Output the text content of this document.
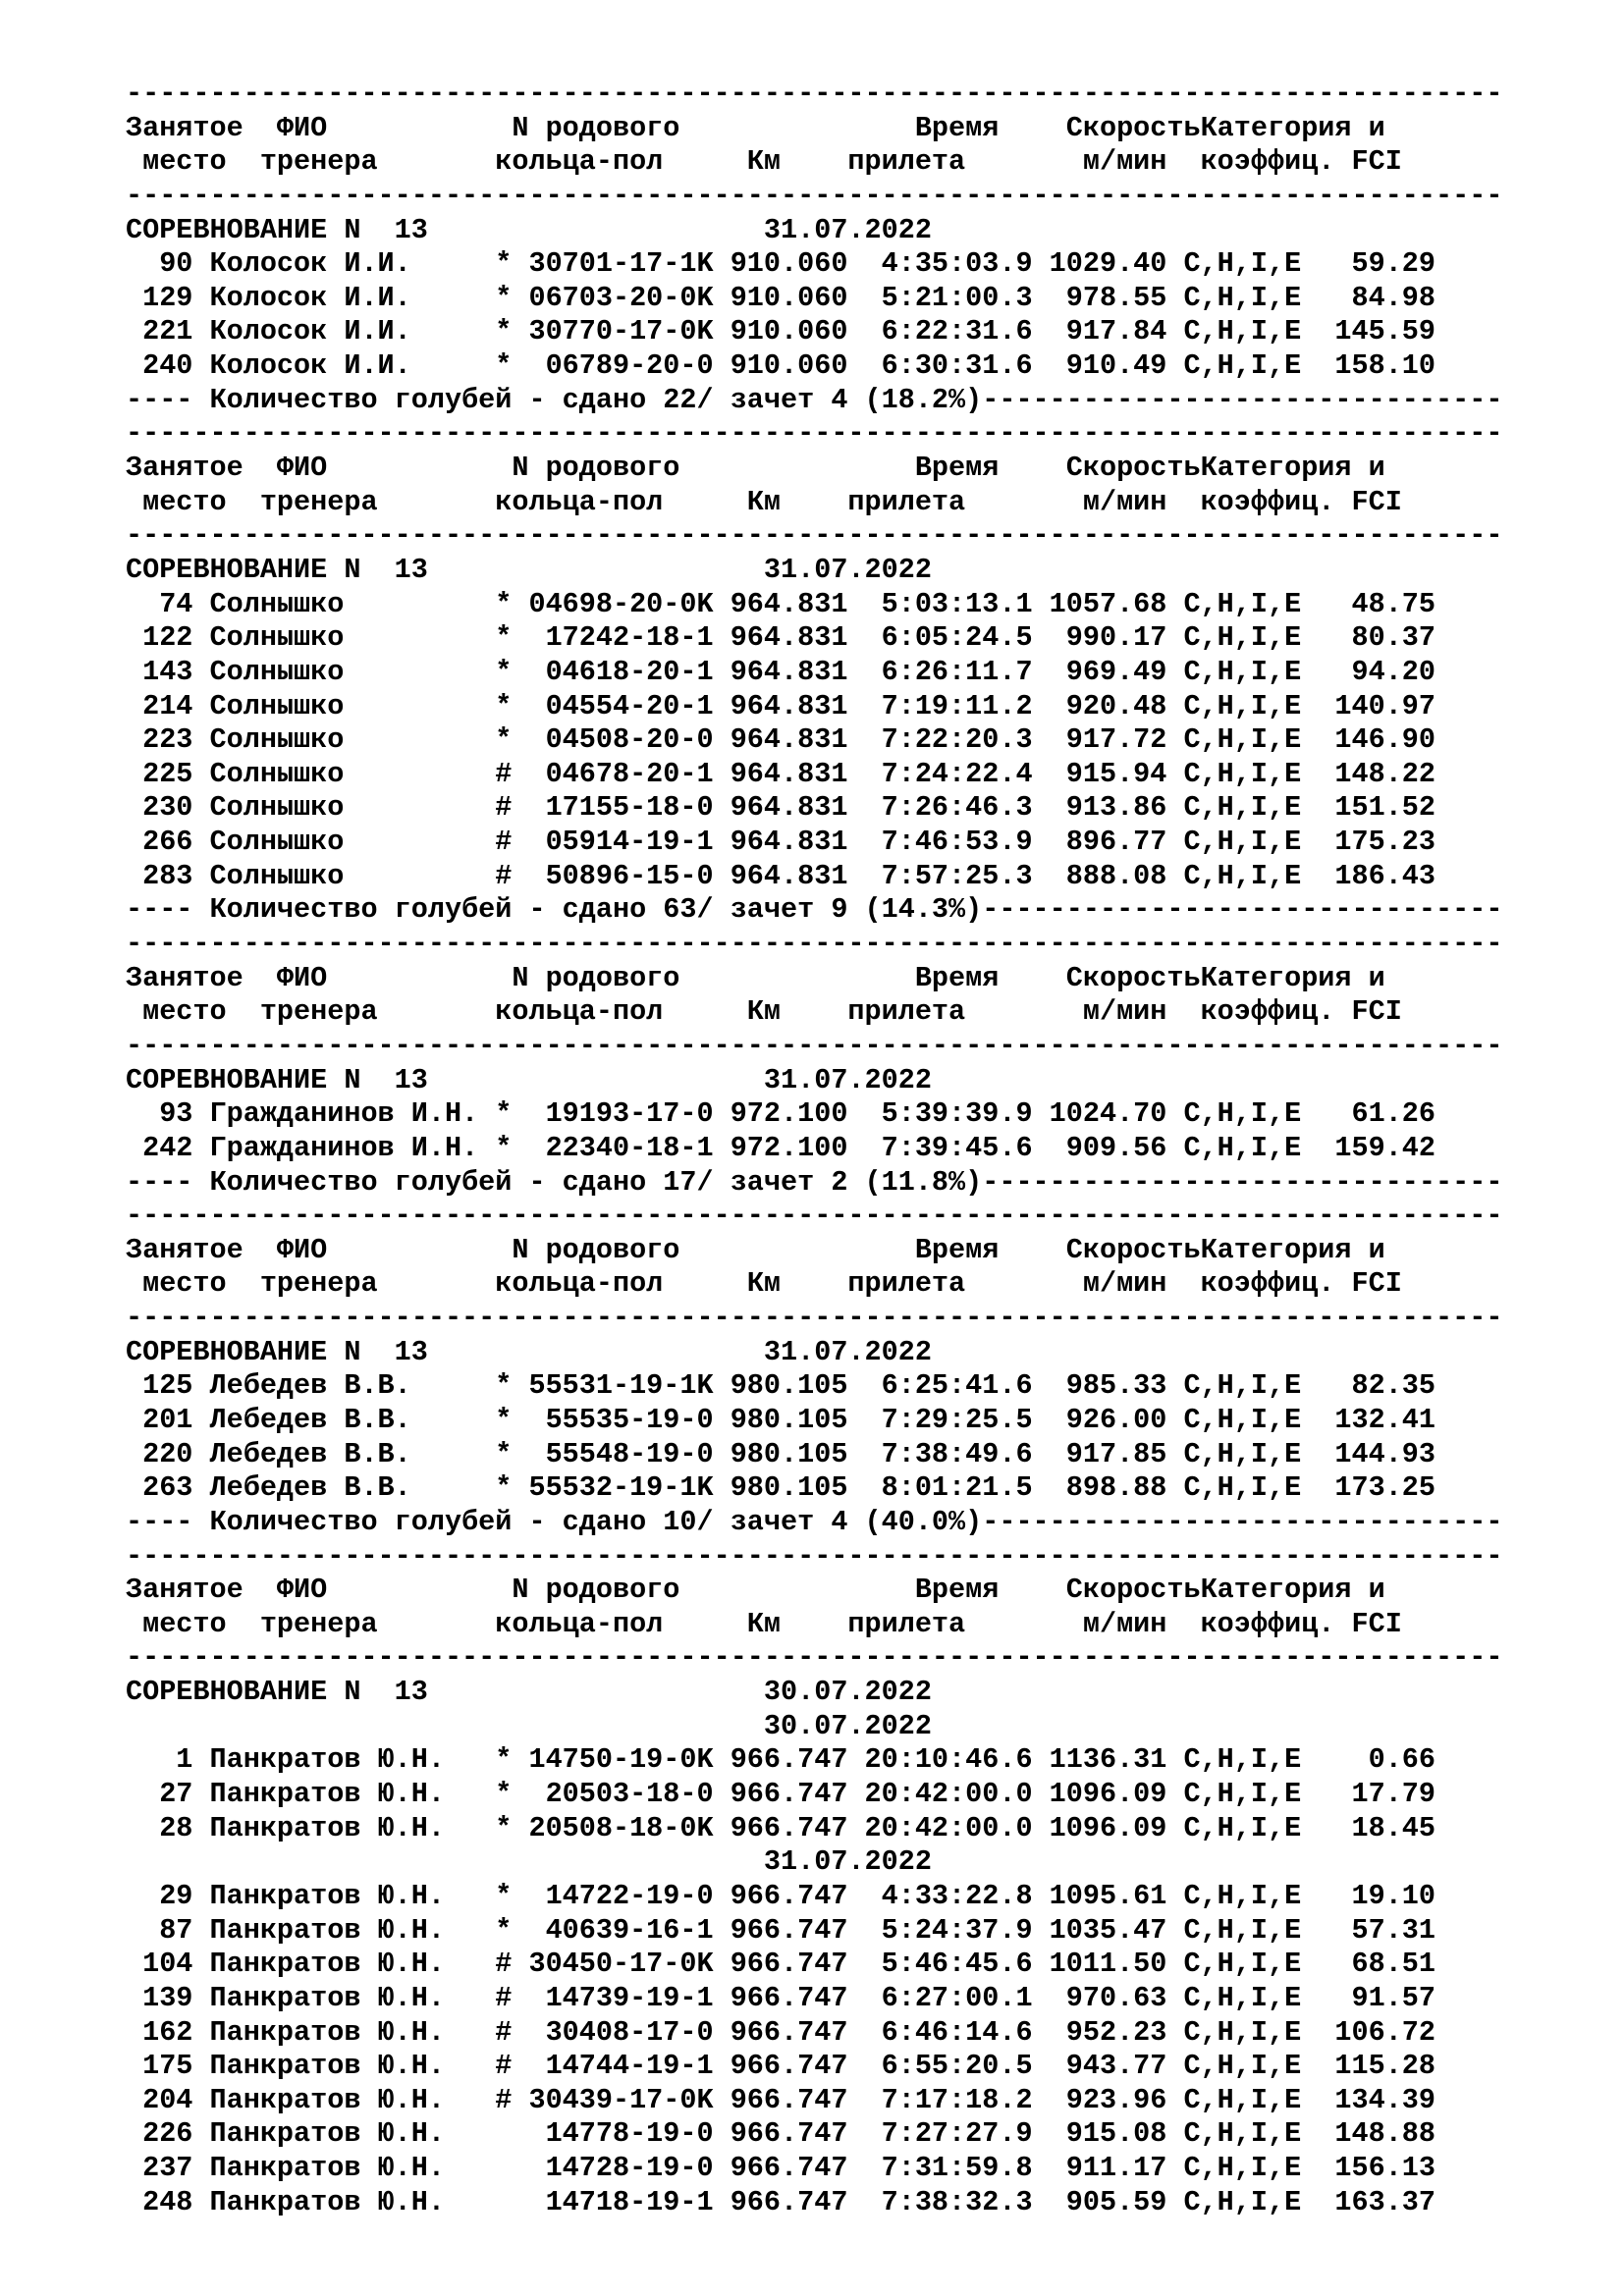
----------------------------------------------------------------------------------
Занятое  ФИО           N родового              Время    СкоростьКатегория и
место  тренера       кольца-пол     Км    прилета       м/мин  коэффиц. FCI
----------------------------------------------------------------------------------
СОРЕВНОВАНИЕ N  13                    31.07.2022
90 Колосок И.И.     * 30701-17-1K 910.060  4:35:03.9 1029.40 C,H,I,E   59.29
129 Колосок И.И.     * 06703-20-0K 910.060  5:21:00.3  978.55 C,H,I,E   84.98
221 Колосок И.И.     * 30770-17-0K 910.060  6:22:31.6  917.84 C,H,I,E  145.59
240 Колосок И.И.     *  06789-20-0 910.060  6:30:31.6  910.49 C,H,I,E  158.10
---- Количество голубей - сдано 22/ зачет 4 (18.2%)-------------------------------
----------------------------------------------------------------------------------
Занятое  ФИО           N родового              Время    СкоростьКатегория и
место  тренера       кольца-пол     Км    прилета       м/мин  коэффиц. FCI
----------------------------------------------------------------------------------
СОРЕВНОВАНИЕ N  13                    31.07.2022
74 Солнышко         * 04698-20-0K 964.831  5:03:13.1 1057.68 C,H,I,E   48.75
122 Солнышко         *  17242-18-1 964.831  6:05:24.5  990.17 C,H,I,E   80.37
143 Солнышко         *  04618-20-1 964.831  6:26:11.7  969.49 C,H,I,E   94.20
214 Солнышко         *  04554-20-1 964.831  7:19:11.2  920.48 C,H,I,E  140.97
223 Солнышко         *  04508-20-0 964.831  7:22:20.3  917.72 C,H,I,E  146.90
225 Солнышко         #  04678-20-1 964.831  7:24:22.4  915.94 C,H,I,E  148.22
230 Солнышко         #  17155-18-0 964.831  7:26:46.3  913.86 C,H,I,E  151.52
266 Солнышко         #  05914-19-1 964.831  7:46:53.9  896.77 C,H,I,E  175.23
283 Солнышко         #  50896-15-0 964.831  7:57:25.3  888.08 C,H,I,E  186.43
---- Количество голубей - сдано 63/ зачет 9 (14.3%)-------------------------------
----------------------------------------------------------------------------------
Занятое  ФИО           N родового              Время    СкоростьКатегория и
место  тренера       кольца-пол     Км    прилета       м/мин  коэффиц. FCI
----------------------------------------------------------------------------------
СОРЕВНОВАНИЕ N  13                    31.07.2022
93 Гражданинов И.Н. *  19193-17-0 972.100  5:39:39.9 1024.70 C,H,I,E   61.26
242 Гражданинов И.Н. *  22340-18-1 972.100  7:39:45.6  909.56 C,H,I,E  159.42
---- Количество голубей - сдано 17/ зачет 2 (11.8%)-------------------------------
----------------------------------------------------------------------------------
Занятое  ФИО           N родового              Время    СкоростьКатегория и
место  тренера       кольца-пол     Км    прилета       м/мин  коэффиц. FCI
----------------------------------------------------------------------------------
СОРЕВНОВАНИЕ N  13                    31.07.2022
125 Лебедев В.В.     * 55531-19-1K 980.105  6:25:41.6  985.33 C,H,I,E   82.35
201 Лебедев В.В.     *  55535-19-0 980.105  7:29:25.5  926.00 C,H,I,E  132.41
220 Лебедев В.В.     *  55548-19-0 980.105  7:38:49.6  917.85 C,H,I,E  144.93
263 Лебедев В.В.     * 55532-19-1K 980.105  8:01:21.5  898.88 C,H,I,E  173.25
---- Количество голубей - сдано 10/ зачет 4 (40.0%)-------------------------------
----------------------------------------------------------------------------------
Занятое  ФИО           N родового              Время    СкоростьКатегория и
место  тренера       кольца-пол     Км    прилета       м/мин  коэффиц. FCI
----------------------------------------------------------------------------------
СОРЕВНОВАНИЕ N  13                    30.07.2022
30.07.2022
1 Панкратов Ю.Н.   * 14750-19-0K 966.747 20:10:46.6 1136.31 C,H,I,E    0.66
27 Панкратов Ю.Н.   *  20503-18-0 966.747 20:42:00.0 1096.09 C,H,I,E   17.79
28 Панкратов Ю.Н.   * 20508-18-0K 966.747 20:42:00.0 1096.09 C,H,I,E   18.45
31.07.2022
29 Панкратов Ю.Н.   *  14722-19-0 966.747  4:33:22.8 1095.61 C,H,I,E   19.10
87 Панкратов Ю.Н.   *  40639-16-1 966.747  5:24:37.9 1035.47 C,H,I,E   57.31
104 Панкратов Ю.Н.   # 30450-17-0K 966.747  5:46:45.6 1011.50 C,H,I,E   68.51
139 Панкратов Ю.Н.   #  14739-19-1 966.747  6:27:00.1  970.63 C,H,I,E   91.57
162 Панкратов Ю.Н.   #  30408-17-0 966.747  6:46:14.6  952.23 C,H,I,E  106.72
175 Панкратов Ю.Н.   #  14744-19-1 966.747  6:55:20.5  943.77 C,H,I,E  115.28
204 Панкратов Ю.Н.   # 30439-17-0K 966.747  7:17:18.2  923.96 C,H,I,E  134.39
226 Панкратов Ю.Н.      14778-19-0 966.747  7:27:27.9  915.08 C,H,I,E  148.88
237 Панкратов Ю.Н.      14728-19-0 966.747  7:31:59.8  911.17 C,H,I,E  156.13
248 Панкратов Ю.Н.      14718-19-1 966.747  7:38:32.3  905.59 C,H,I,E  163.37
